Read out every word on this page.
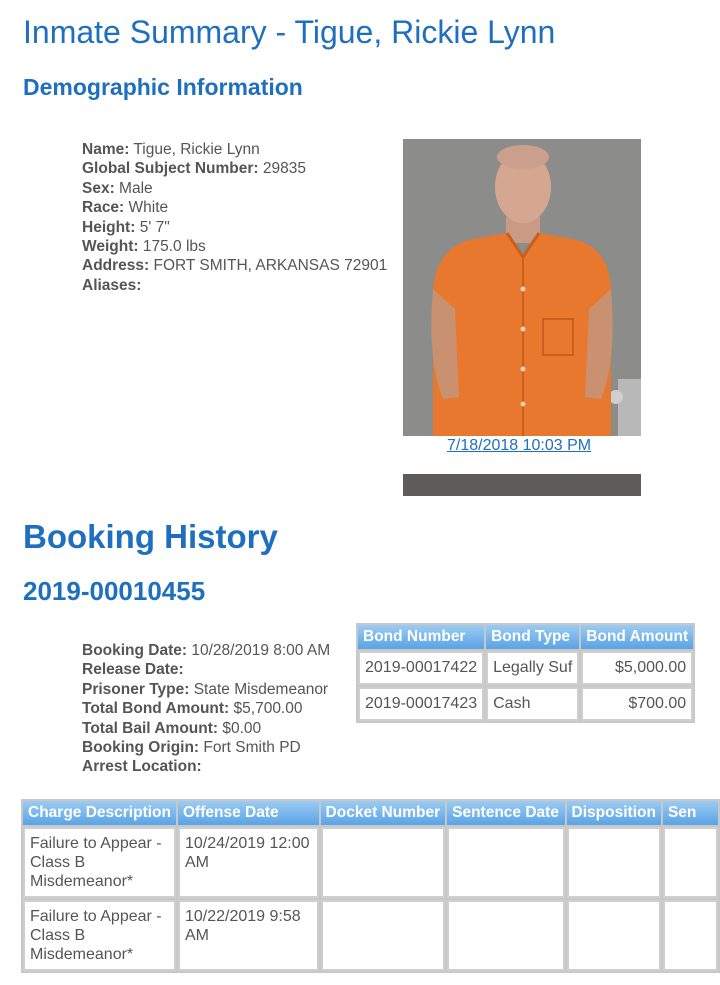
Inmate Summary - Tigue, Rickie Lynn
Demographic Information
Name: Tigue, Rickie Lynn
Global Subject Number: 29835
Sex: Male
Race: White
Height: 5' 7"
Weight: 175.0 lbs
Address: FORT SMITH, ARKANSAS 72901
Aliases:
7/18/2018 10:03 PM
Booking History
2019-00010455
Booking Date: 10/28/2019 8:00 AM
Release Date:
Prisoner Type: State Misdemeanor
Total Bond Amount: $5,700.00
Total Bail Amount: $0.00
Booking Origin: Fort Smith PD
Arrest Location:
Bond Number	Bond Type	Bond Amount
2019-00017422	Legally Suf	$5,000.00
2019-00017423	Cash	$700.00
Charge Description	Offense Date	Docket Number	Sentence Date	Disposition	Sen
Failure to Appear - Class B Misdemeanor*	10/24/2019 12:00 AM				
Failure to Appear - Class B Misdemeanor*	10/22/2019 9:58 AM				
